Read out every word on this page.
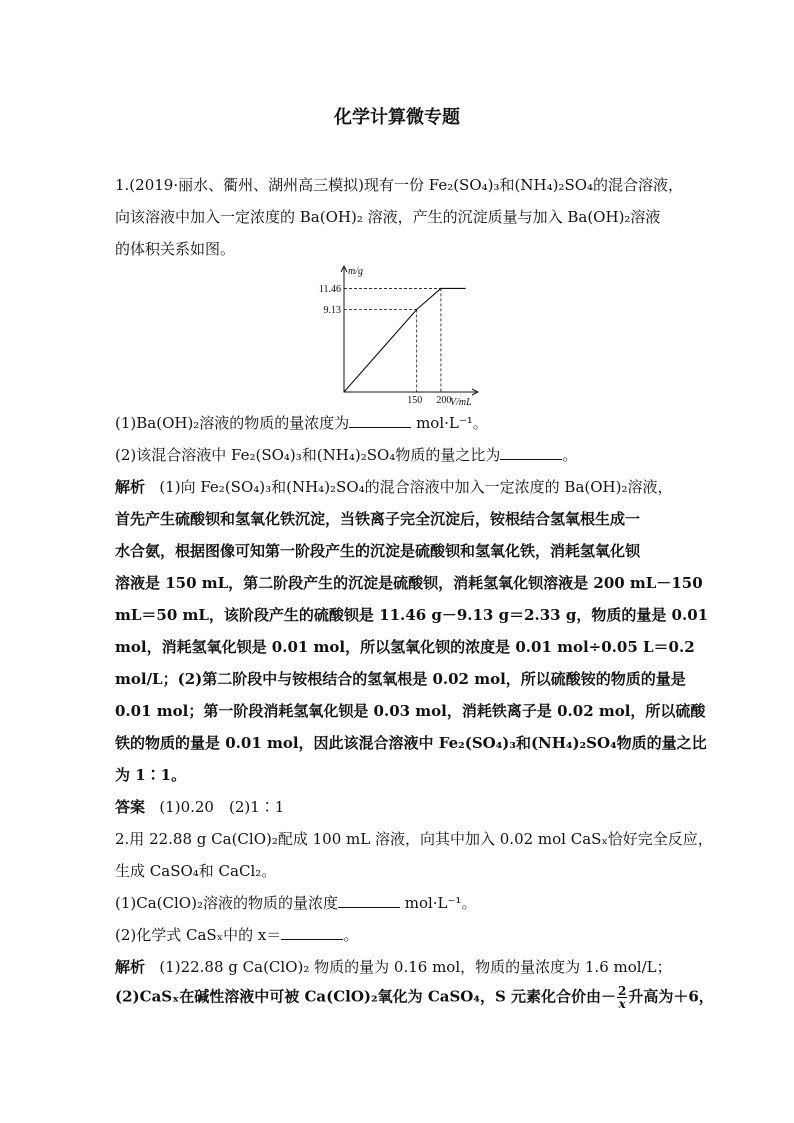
化学计算微专题
1.(2019·丽水、衢州、湖州高三模拟)现有一份 Fe₂(SO₄)₃和(NH₄)₂SO₄的混合溶液，
向该溶液中加入一定浓度的 Ba(OH)₂ 溶液，产生的沉淀质量与加入 Ba(OH)₂溶液
的体积关系如图。
m/g
V/mL
11.46
9.13
150 200
(1)Ba(OH)₂溶液的物质的量浓度为	mol·L⁻¹。
(2)该混合溶液中 Fe₂(SO₄)₃和(NH₄)₂SO₄物质的量之比为	。
解析 (1)向 Fe₂(SO₄)₃和(NH₄)₂SO₄的混合溶液中加入一定浓度的 Ba(OH)₂溶液，
首先产生硫酸钡和氢氧化铁沉淀，当铁离子完全沉淀后，铵根结合氢氧根生成一
水合氨，根据图像可知第一阶段产生的沉淀是硫酸钡和氢氧化铁，消耗氢氧化钡
溶液是 150 mL，第二阶段产生的沉淀是硫酸钡，消耗氢氧化钡溶液是 200 mL－150
mL＝50 mL，该阶段产生的硫酸钡是 11.46 g－9.13 g＝2.33 g，物质的量是 0.01
mol，消耗氢氧化钡是 0.01 mol，所以氢氧化钡的浓度是 0.01 mol÷0.05 L＝0.2
mol/L；(2)第二阶段中与铵根结合的氢氧根是 0.02 mol，所以硫酸铵的物质的量是
0.01 mol；第一阶段消耗氢氧化钡是 0.03 mol，消耗铁离子是 0.02 mol，所以硫酸
铁的物质的量是 0.01 mol，因此该混合溶液中 Fe₂(SO₄)₃和(NH₄)₂SO₄物质的量之比
为 1∶1。
答案 (1)0.20　(2)1∶1
2.用 22.88 g Ca(ClO)₂配成 100 mL 溶液，向其中加入 0.02 mol CaSₓ恰好完全反应，
生成 CaSO₄和 CaCl₂。
(1)Ca(ClO)₂溶液的物质的量浓度	mol·L⁻¹。
(2)化学式 CaSₓ中的 x＝	。
解析 (1)22.88 g Ca(ClO)₂ 物质的量为 0.16 mol，物质的量浓度为 1.6 mol/L；
(2)CaSₓ在碱性溶液中可被 Ca(ClO)₂氧化为 CaSO₄，S 元素化合价由－ $\frac{2}{x}$ 升高为＋6，
